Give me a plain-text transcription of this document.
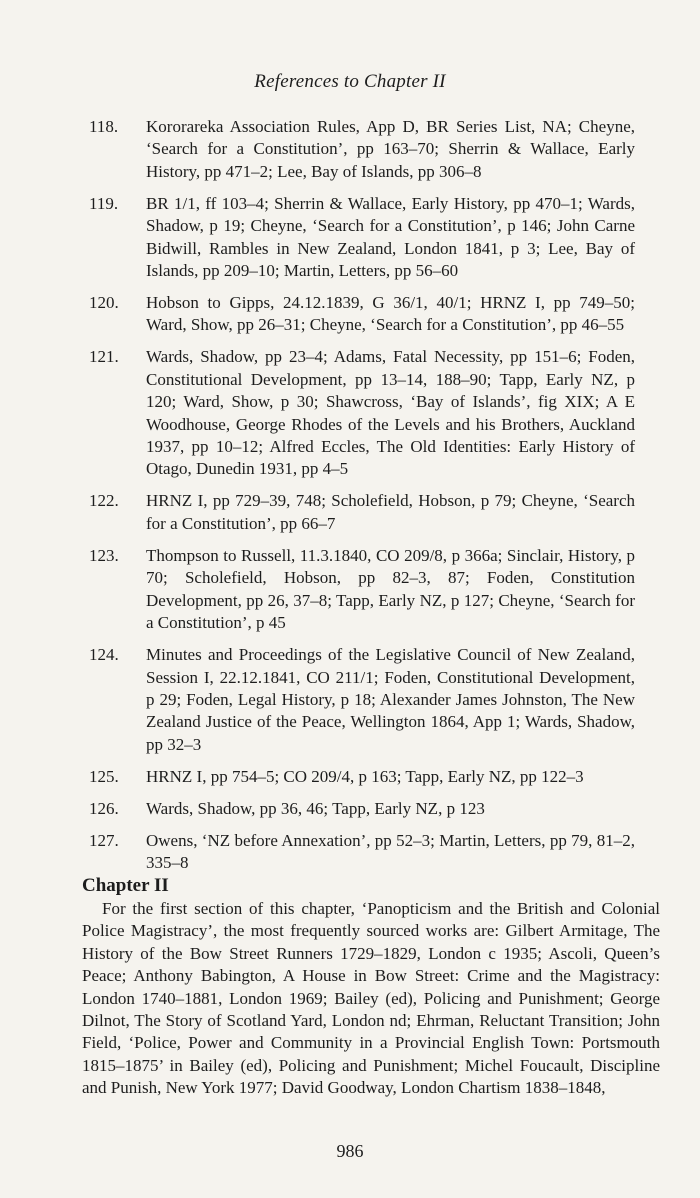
References to Chapter II
118. Kororareka Association Rules, App D, BR Series List, NA; Cheyne, ‘Search for a Constitution’, pp 163–70; Sherrin & Wallace, Early History, pp 471–2; Lee, Bay of Islands, pp 306–8
119. BR 1/1, ff 103–4; Sherrin & Wallace, Early History, pp 470–1; Wards, Shadow, p 19; Cheyne, ‘Search for a Constitution’, p 146; John Carne Bidwill, Rambles in New Zealand, London 1841, p 3; Lee, Bay of Islands, pp 209–10; Martin, Letters, pp 56–60
120. Hobson to Gipps, 24.12.1839, G 36/1, 40/1; HRNZ I, pp 749–50; Ward, Show, pp 26–31; Cheyne, ‘Search for a Constitution’, pp 46–55
121. Wards, Shadow, pp 23–4; Adams, Fatal Necessity, pp 151–6; Foden, Constitutional Development, pp 13–14, 188–90; Tapp, Early NZ, p 120; Ward, Show, p 30; Shawcross, ‘Bay of Islands’, fig XIX; A E Woodhouse, George Rhodes of the Levels and his Brothers, Auckland 1937, pp 10–12; Alfred Eccles, The Old Identities: Early History of Otago, Dunedin 1931, pp 4–5
122. HRNZ I, pp 729–39, 748; Scholefield, Hobson, p 79; Cheyne, ‘Search for a Constitution’, pp 66–7
123. Thompson to Russell, 11.3.1840, CO 209/8, p 366a; Sinclair, History, p 70; Scholefield, Hobson, pp 82–3, 87; Foden, Constitution Development, pp 26, 37–8; Tapp, Early NZ, p 127; Cheyne, ‘Search for a Constitution’, p 45
124. Minutes and Proceedings of the Legislative Council of New Zealand, Session I, 22.12.1841, CO 211/1; Foden, Constitutional Development, p 29; Foden, Legal History, p 18; Alexander James Johnston, The New Zealand Justice of the Peace, Wellington 1864, App 1; Wards, Shadow, pp 32–3
125. HRNZ I, pp 754–5; CO 209/4, p 163; Tapp, Early NZ, pp 122–3
126. Wards, Shadow, pp 36, 46; Tapp, Early NZ, p 123
127. Owens, ‘NZ before Annexation’, pp 52–3; Martin, Letters, pp 79, 81–2, 335–8
Chapter II
For the first section of this chapter, ‘Panopticism and the British and Colonial Police Magistracy’, the most frequently sourced works are: Gilbert Armitage, The History of the Bow Street Runners 1729–1829, London c 1935; Ascoli, Queen’s Peace; Anthony Babington, A House in Bow Street: Crime and the Magistracy: London 1740–1881, London 1969; Bailey (ed), Policing and Punishment; George Dilnot, The Story of Scotland Yard, London nd; Ehrman, Reluctant Transition; John Field, ‘Police, Power and Community in a Provincial English Town: Portsmouth 1815–1875’ in Bailey (ed), Policing and Punishment; Michel Foucault, Discipline and Punish, New York 1977; David Goodway, London Chartism 1838–1848,
986
